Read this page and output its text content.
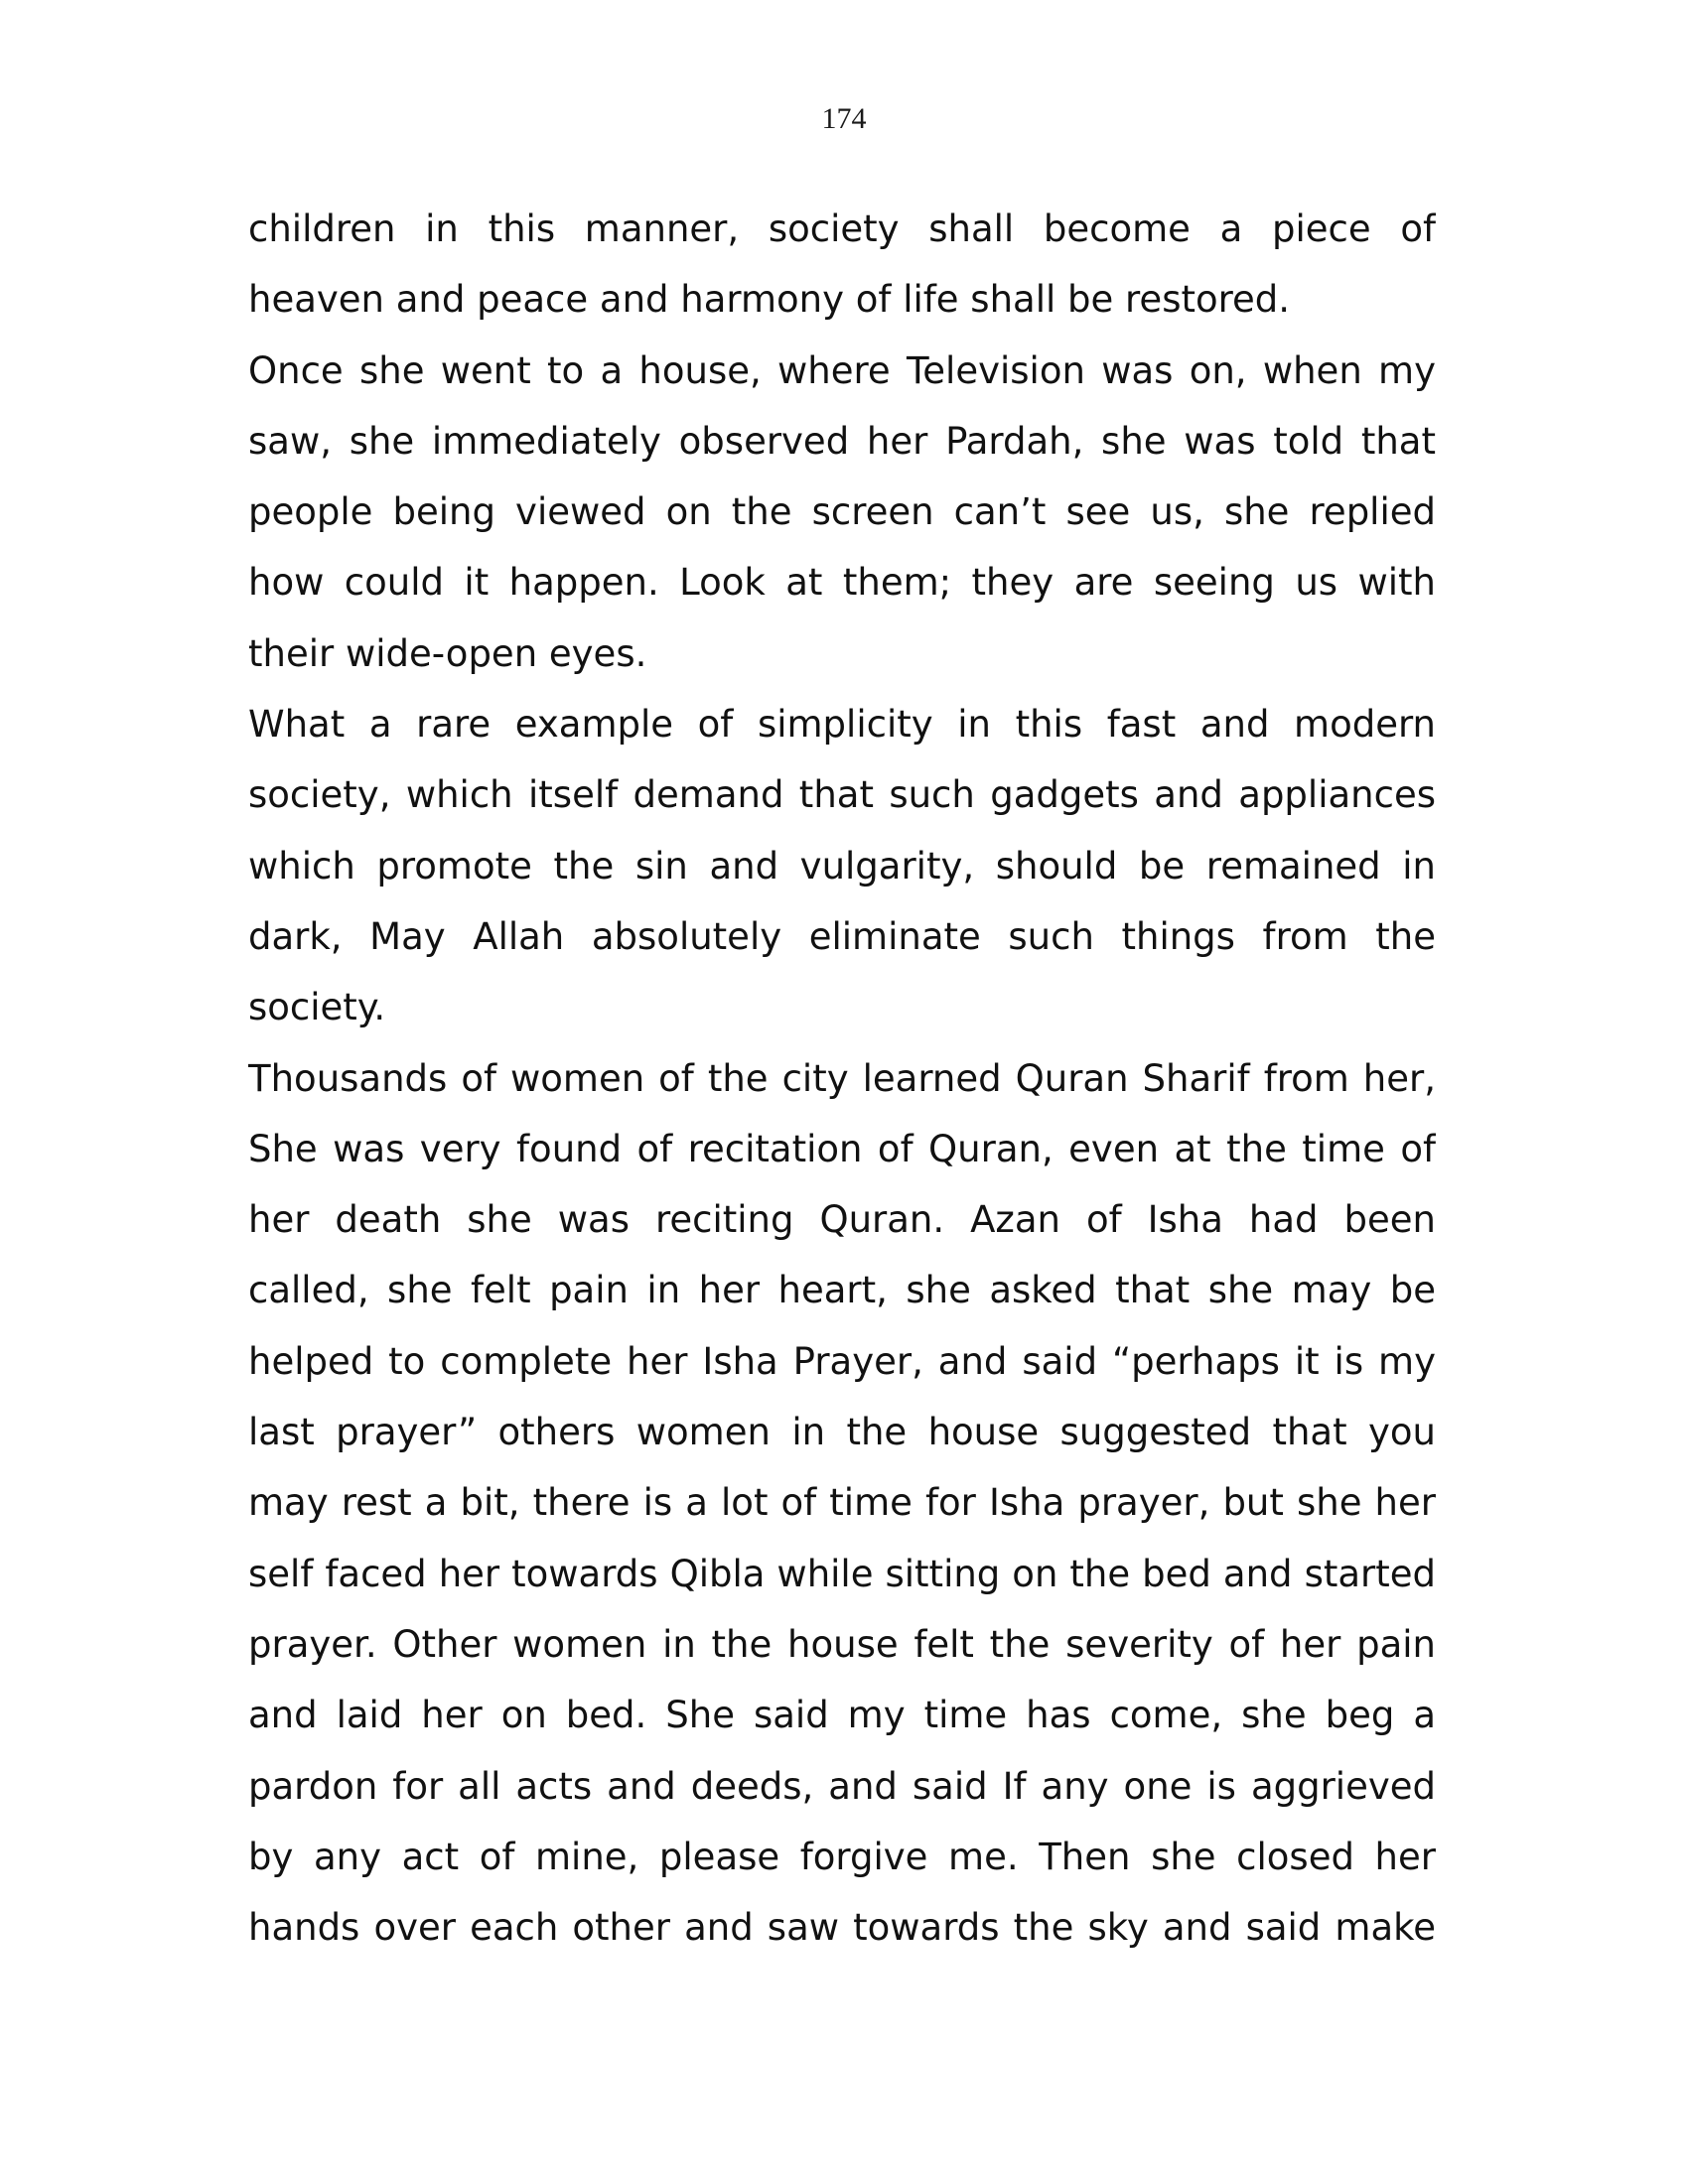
174
children in this manner, society shall become a piece of
heaven and peace and harmony of life shall be restored.
Once she went to a house, where Television was on, when my
saw, she immediately observed her Pardah, she was told that
people being viewed on the screen can’t see us, she replied
how could it happen. Look at them; they are seeing us with
their wide-open eyes.
What a rare example of simplicity in this fast and modern
society, which itself demand that such gadgets and appliances
which promote the sin and vulgarity, should be remained in
dark, May Allah absolutely eliminate such things from the
society.
Thousands of women of the city learned Quran Sharif from her,
She was very found of recitation of Quran, even at the time of
her death she was reciting Quran. Azan of Isha had been
called, she felt pain in her heart, she asked that she may be
helped to complete her Isha Prayer, and said “perhaps it is my
last prayer” others women in the house suggested that you
may rest a bit, there is a lot of time for Isha prayer, but she her
self faced her towards Qibla while sitting on the bed and started
prayer. Other women in the house felt the severity of her pain
and laid her on bed. She said my time has come, she beg a
pardon for all acts and deeds, and said If any one is aggrieved
by any act of mine, please forgive me. Then she closed her
hands over each other and saw towards the sky and said make
